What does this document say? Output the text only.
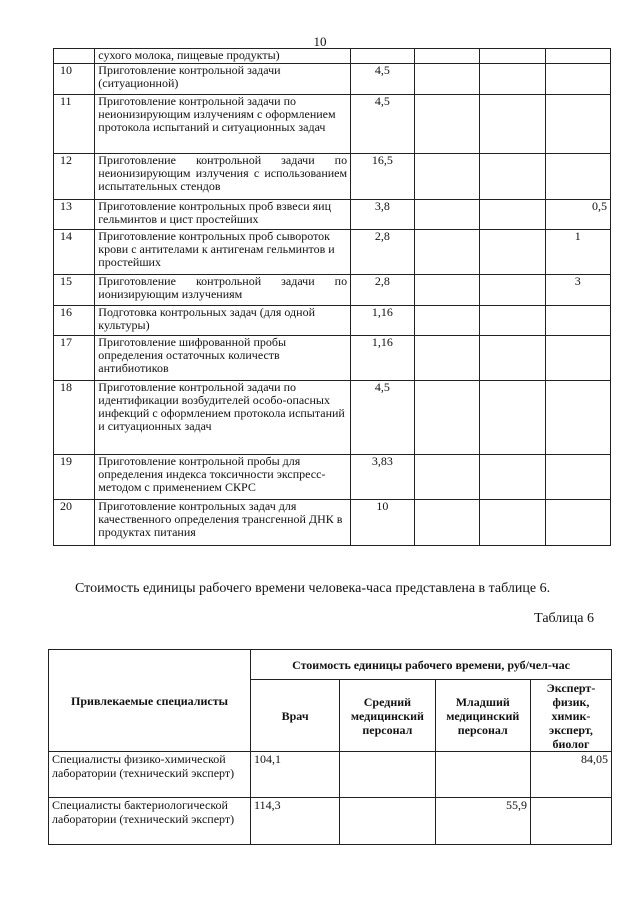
10
	сухого молока, пищевые продукты)				
10	Приготовление контрольной задачи (ситуационной)	4,5			
11	Приготовление контрольной задачи по неионизирующим излучениям с оформлением протокола испытаний и ситуационных задач	4,5			
12	Приготовление контрольной задачи по неионизирующим излучения с использованием испытательных стендов	16,5			
13	Приготовление контрольных проб взвеси яиц гельминтов и цист простейших	3,8			0,5
14	Приготовление контрольных проб сывороток крови с антителами к антигенам гельминтов и простейших	2,8			1
15	Приготовление контрольной задачи по ионизирующим излучениям	2,8			3
16	Подготовка контрольных задач (для одной культуры)	1,16			
17	Приготовление шифрованной пробы определения остаточных количеств антибиотиков	1,16			
18	Приготовление контрольной задачи по идентификации возбудителей особо-опасных инфекций с оформлением протокола испытаний и ситуационных задач	4,5			
19	Приготовление контрольной пробы для определения индекса токсичности экспресс-методом с применением СКРС	3,83			
20	Приготовление контрольных задач для качественного определения трансгенной ДНК в продуктах питания	10			
Стоимость единицы рабочего времени человека-часа представлена в таблице 6.
Таблица 6
Привлекаемые специалисты	Стоимость единицы рабочего времени, руб/чел-час			
	Врач	Средний медицинский персонал	Младший медицинский персонал	Эксперт-физик, химик-эксперт, биолог
Специалисты физико-химической лаборатории (технический эксперт)	104,1			84,05
Специалисты бактериологической лаборатории (технический эксперт)	114,3		55,9	
